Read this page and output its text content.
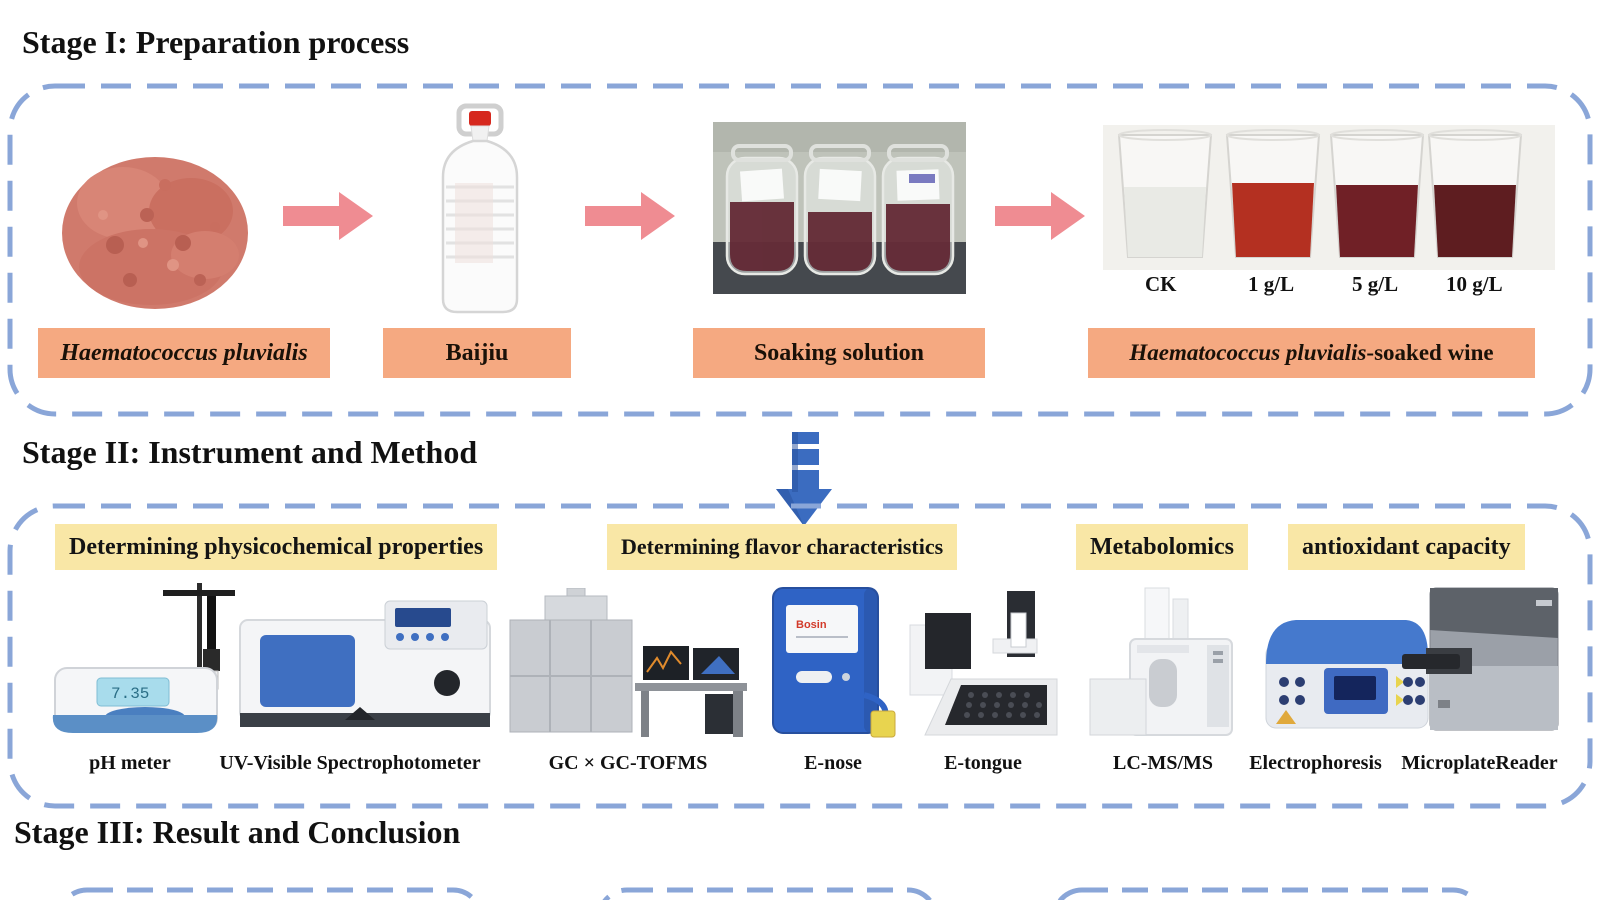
Stage I: Preparation process
CK	1 g/L	5 g/L 10 g/L
Haematococcus pluvialis	Baijiu	Soaking solution	Haematococcus pluvialis-soaked wine
Stage II: Instrument and Method
Determining physicochemical properties	Determining flavor characteristics	Metabolomics	antioxidant capacity
7.35
Bosin
pH meter	UV-Visible Spectrophotometer	GC × GC-TOFMS	E-nose	E-tongue	LC-MS/MS	Electrophoresis MicroplateReader
Stage III: Result and Conclusion
